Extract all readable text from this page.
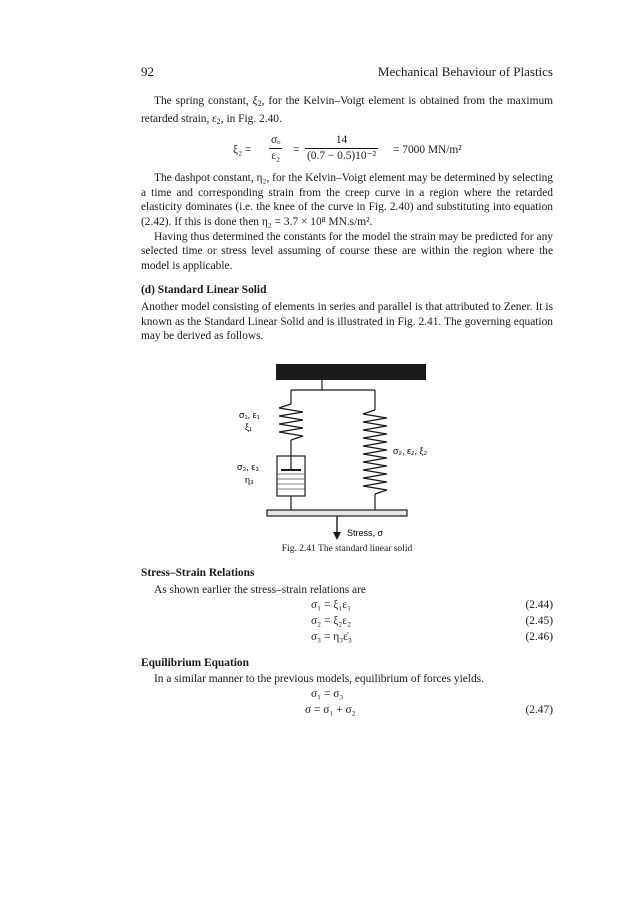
92	Mechanical Behaviour of Plastics

The spring constant, $\xi_2$, for the Kelvin–Voigt element is obtained from the maximum retarded strain, $\varepsilon_2$, in Fig. 2.40.

$\xi_2 = \frac{\text{σₒ}}{\text{ε₂}} = \frac{14}{\text{(0.7 − 0.5)10⁻²}} = 7000$ MN/m²

The dashpot constant, η₂, for the Kelvin–Voigt element may be determined by selecting a time and corresponding strain from the creep curve in a region where the retarded elasticity dominates (i.e. the knee of the curve in Fig. 2.40) and substituting into equation (2.42). If this is done then η₂ = 3.7 × 10⁸ MN.s/m².

Having thus determined the constants for the model the strain may be predicted for any selected time or stress level assuming of course these are within the region where the model is applicable.

(d) Standard Linear Solid

Another model consisting of elements in series and parallel is that attributed to Zener. It is known as the Standard Linear Solid and is illustrated in Fig. 2.41. The governing equation may be derived as follows.

σ₁, ε₁
ξ₁
σ₃, ε₃
η₃
σ₂, ε₂, ξ₂
Stress, σ

Fig. 2.41 The standard linear solid

Stress–Strain Relations

As shown earlier the stress–strain relations are

σ₁ = ξ₁ε₁	(2.44)
σ₂ = ξ₂ε₂	(2.45)
σ₃ = η₃ε̇₃	(2.46)
Equilibrium Equation

In a similar manner to the previous models, equilibrium of forces yields.

σ₁ = σ₃
σ = σ₁ + σ₂	(2.47)
